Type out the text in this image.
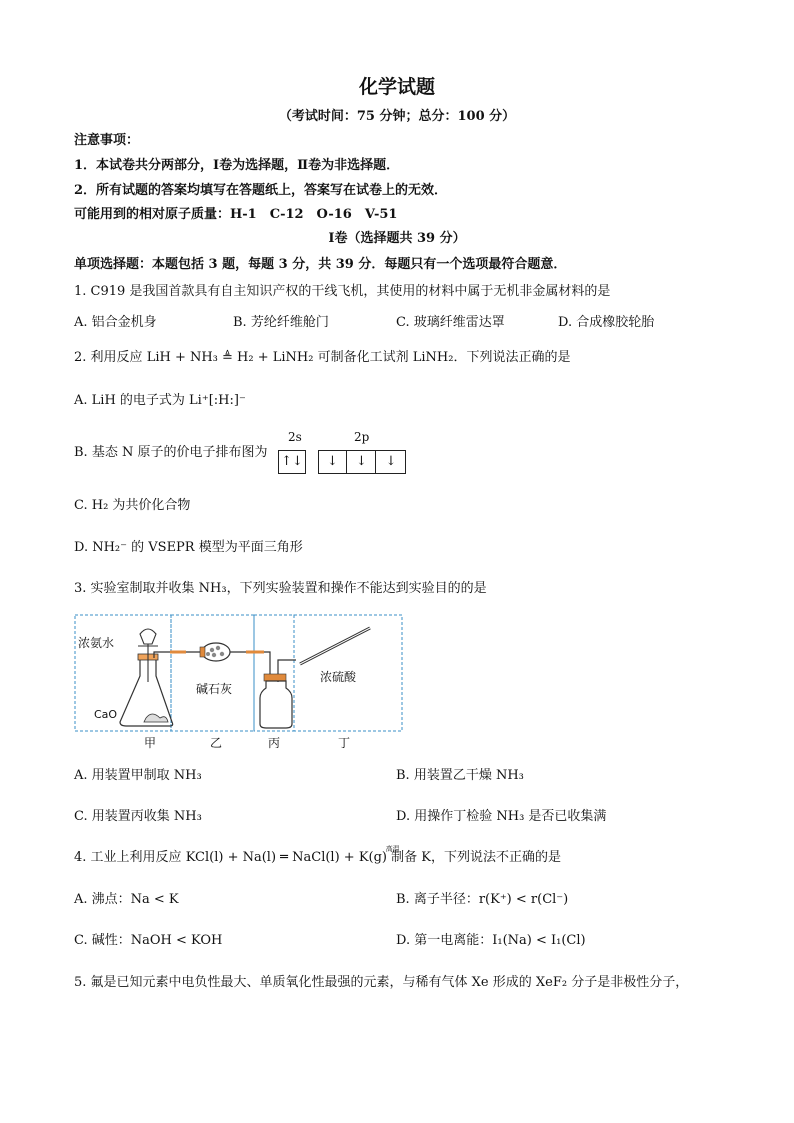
化学试题
（考试时间：75 分钟；总分：100 分）
注意事项：
1．本试卷共分两部分，Ⅰ卷为选择题，Ⅱ卷为非选择题．
2．所有试题的答案均填写在答题纸上，答案写在试卷上的无效．
可能用到的相对原子质量：H-1　C-12　O-16　V-51
Ⅰ卷（选择题共 39 分）
单项选择题：本题包括 3 题，每题 3 分，共 39 分．每题只有一个选项最符合题意．
1. C919 是我国首款具有自主知识产权的干线飞机，其使用的材料中属于无机非金属材料的是
A. 铝合金机身	B. 芳纶纤维舱门	C. 玻璃纤维雷达罩	D. 合成橡胶轮胎
2. 利用反应 LiH + NH₃ ≜ H₂ + LiNH₂ 可制备化工试剂 LiNH₂．下列说法正确的是
A. LiH 的电子式为 Li⁺[:H:]⁻
B. 基态 N 原子的价电子排布图为
2s	2p
↑↓	↓	↓	↓
C. H₂ 为共价化合物
D. NH₂⁻ 的 VSEPR 模型为平面三角形
3. 实验室制取并收集 NH₃，下列实验装置和操作不能达到实验目的的是
浓氨水
CaO
碱石灰
浓硫酸
甲	乙	丙	丁
A. 用装置甲制取 NH₃	B. 用装置乙干燥 NH₃
C. 用装置丙收集 NH₃	D. 用操作丁检验 NH₃ 是否已收集满
4. 工业上利用反应
高温
KCl(l) + Na(l) ═ NaCl(l) + K(g) 制备 K，下列说法不正确的是
A. 沸点：Na < K	B. 离子半径：r(K⁺) < r(Cl⁻)
C. 碱性：NaOH < KOH	D. 第一电离能：I₁(Na) < I₁(Cl)
5. 氟是已知元素中电负性最大、单质氧化性最强的元素，与稀有气体 Xe 形成的 XeF₂ 分子是非极性分子，
